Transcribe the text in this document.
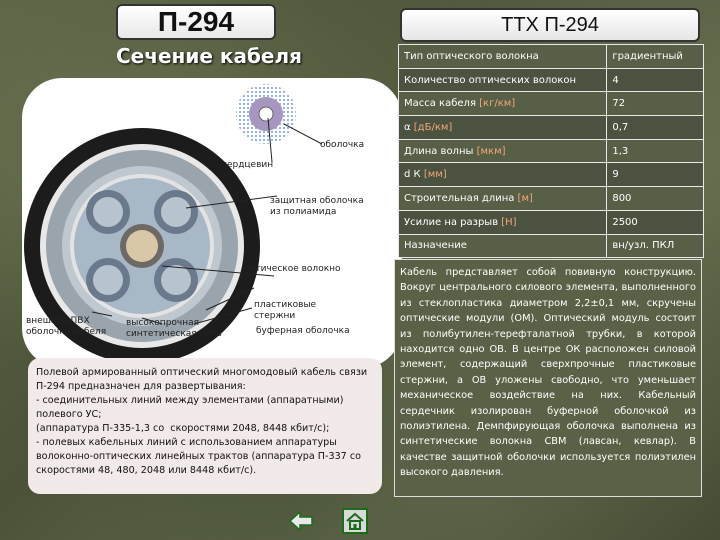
П-294
Сечение кабеля
ТТХ П-294
оболочка
сердцевин
а
защитная оболочка
из полиамида
оптическое волокно
пластиковые
стержни
буферная оболочка
внешняя ПВХ
оболочка кабеля
высокопрочная
синтетическая нить
Тип оптического волокна	градиентный
Количество оптических волокон	4
Масса кабеля [кг/км]	72
α [дБ/км]	0,7
Длина волны [мкм]	1,3
d К [мм]	9
Строительная длина [м]	800
Усилие на разрыв [Н]	2500
Назначение	вн/узл. ПКЛ
Полевой армированный оптический многомодовый кабель связи П-294 предназначен для развертывания:
- соединительных линий между элементами (аппаратными) полевого УС;
(аппаратура П-335-1,3 со  скоростями 2048, 8448 кбит/с);
- полевых кабельных линий с использованием аппаратуры волоконно-оптических линейных трактов (аппаратура П-337 со скоростями 48, 480, 2048 или 8448 кбит/с).
Кабель представляет собой повивную конструкцию. Вокруг центрального силового элемента, выполненного из стеклопластика диаметром 2,2±0,1 мм, скручены оптические модули (ОМ). Оптический модуль состоит из полибутилен-терефталатной трубки, в которой находится одно ОВ. В центре ОК расположен силовой элемент, содержащий сверхпрочные пластиковые стержни, а ОВ уложены свободно, что уменьшает механическое воздействие на них. Кабельный сердечник изолирован буферной оболочкой из полиэтилена. Демпфирующая оболочка выполнена из синтетические волокна СВМ (лавсан, кевлар). В качестве защитной оболочки используется полиэтилен высокого давления.
